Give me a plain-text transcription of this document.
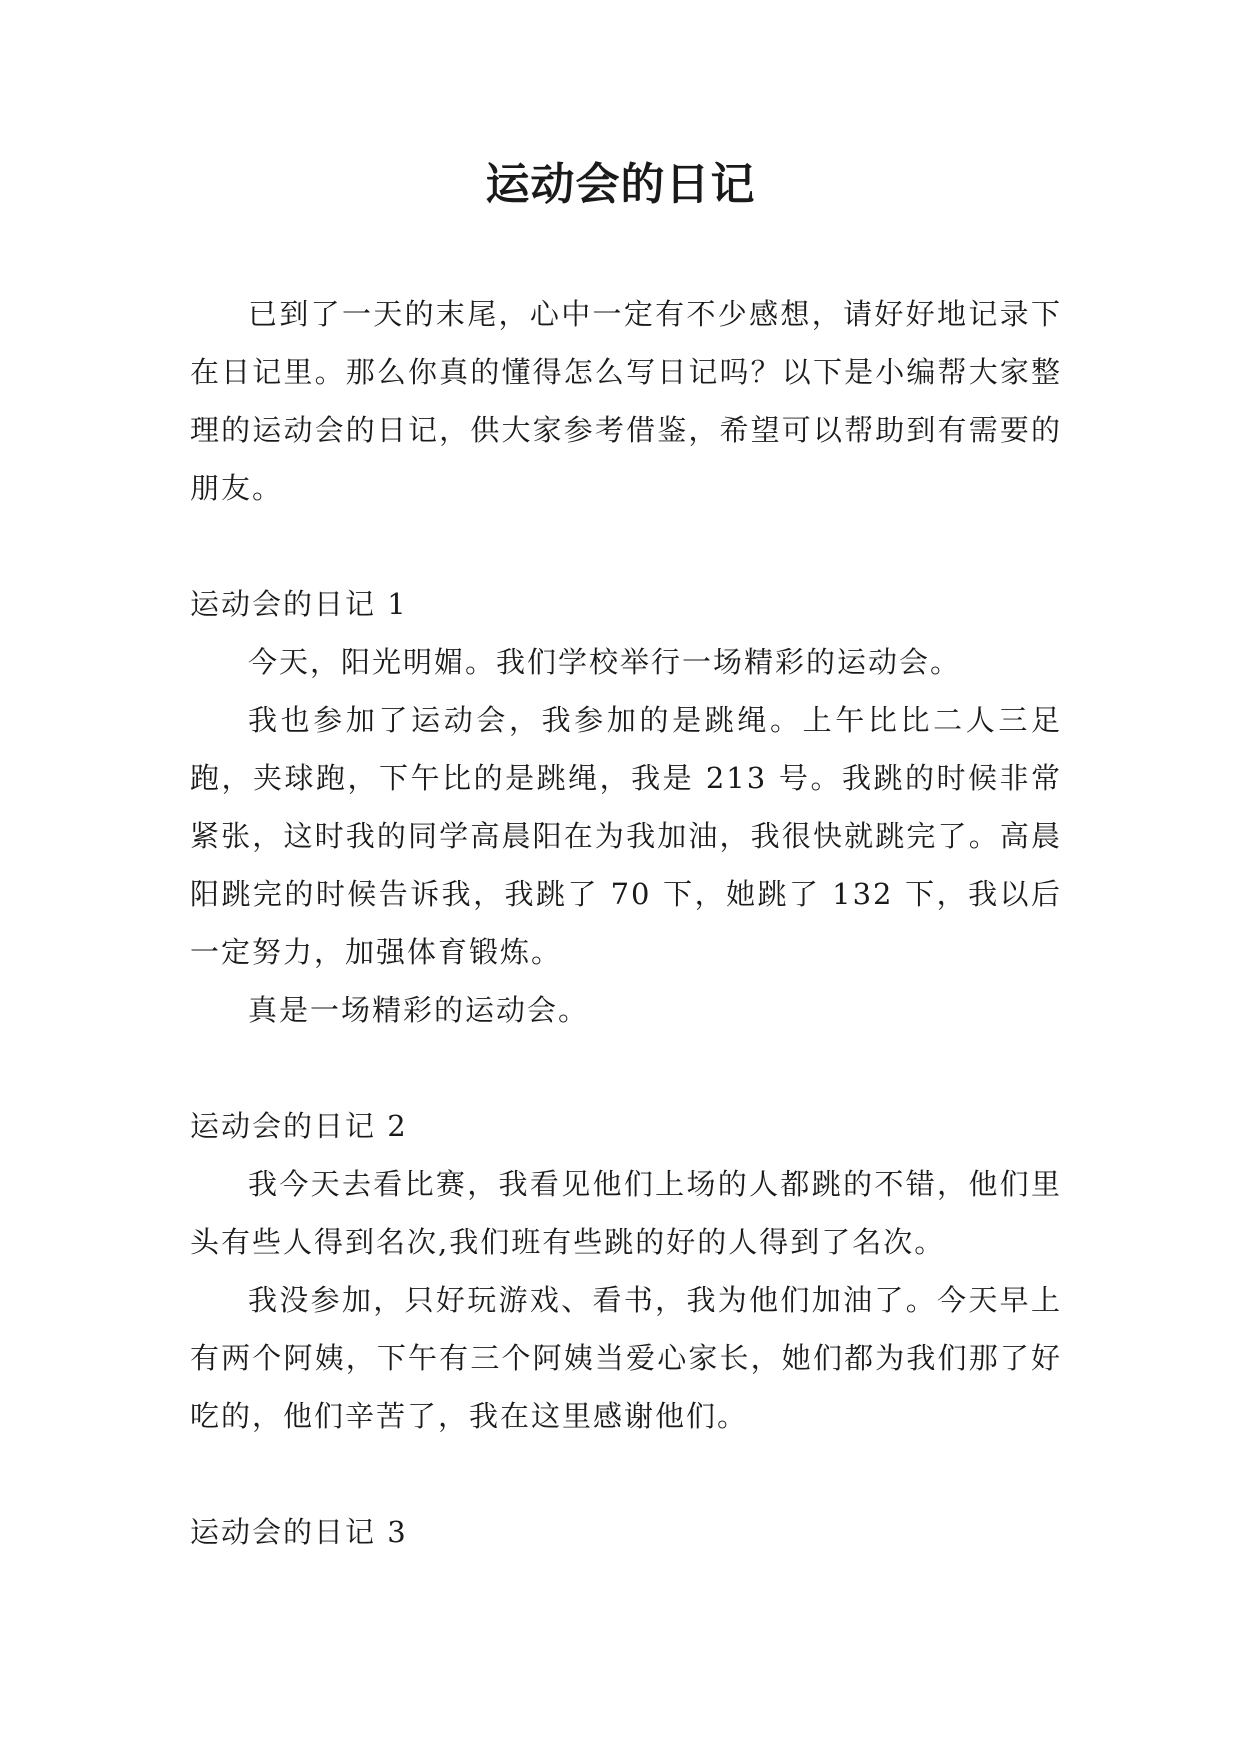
运动会的日记

已到了一天的末尾，心中一定有不少感想，请好好地记录下在日记里。那么你真的懂得怎么写日记吗？以下是小编帮大家整理的运动会的日记，供大家参考借鉴，希望可以帮助到有需要的朋友。

运动会的日记 1

今天，阳光明媚。我们学校举行一场精彩的运动会。

我也参加了运动会，我参加的是跳绳。上午比比二人三足跑，夹球跑，下午比的是跳绳，我是 213 号。我跳的时候非常紧张，这时我的同学高晨阳在为我加油，我很快就跳完了。高晨 阳跳完的时候告诉我，我跳了 70 下，她跳了 132 下，我以后一定努力，加强体育锻炼。

真是一场精彩的运动会。

运动会的日记 2

我今天去看比赛，我看见他们上场的人都跳的不错，他们里头有些人得到名次,我们班有些跳的好的人得到了名次。

我没参加，只好玩游戏、看书，我为他们加油了。今天早上有两个阿姨，下午有三个阿姨当爱心家长，她们都为我们那了好吃的，他们辛苦了，我在这里感谢他们。

运动会的日记 3
